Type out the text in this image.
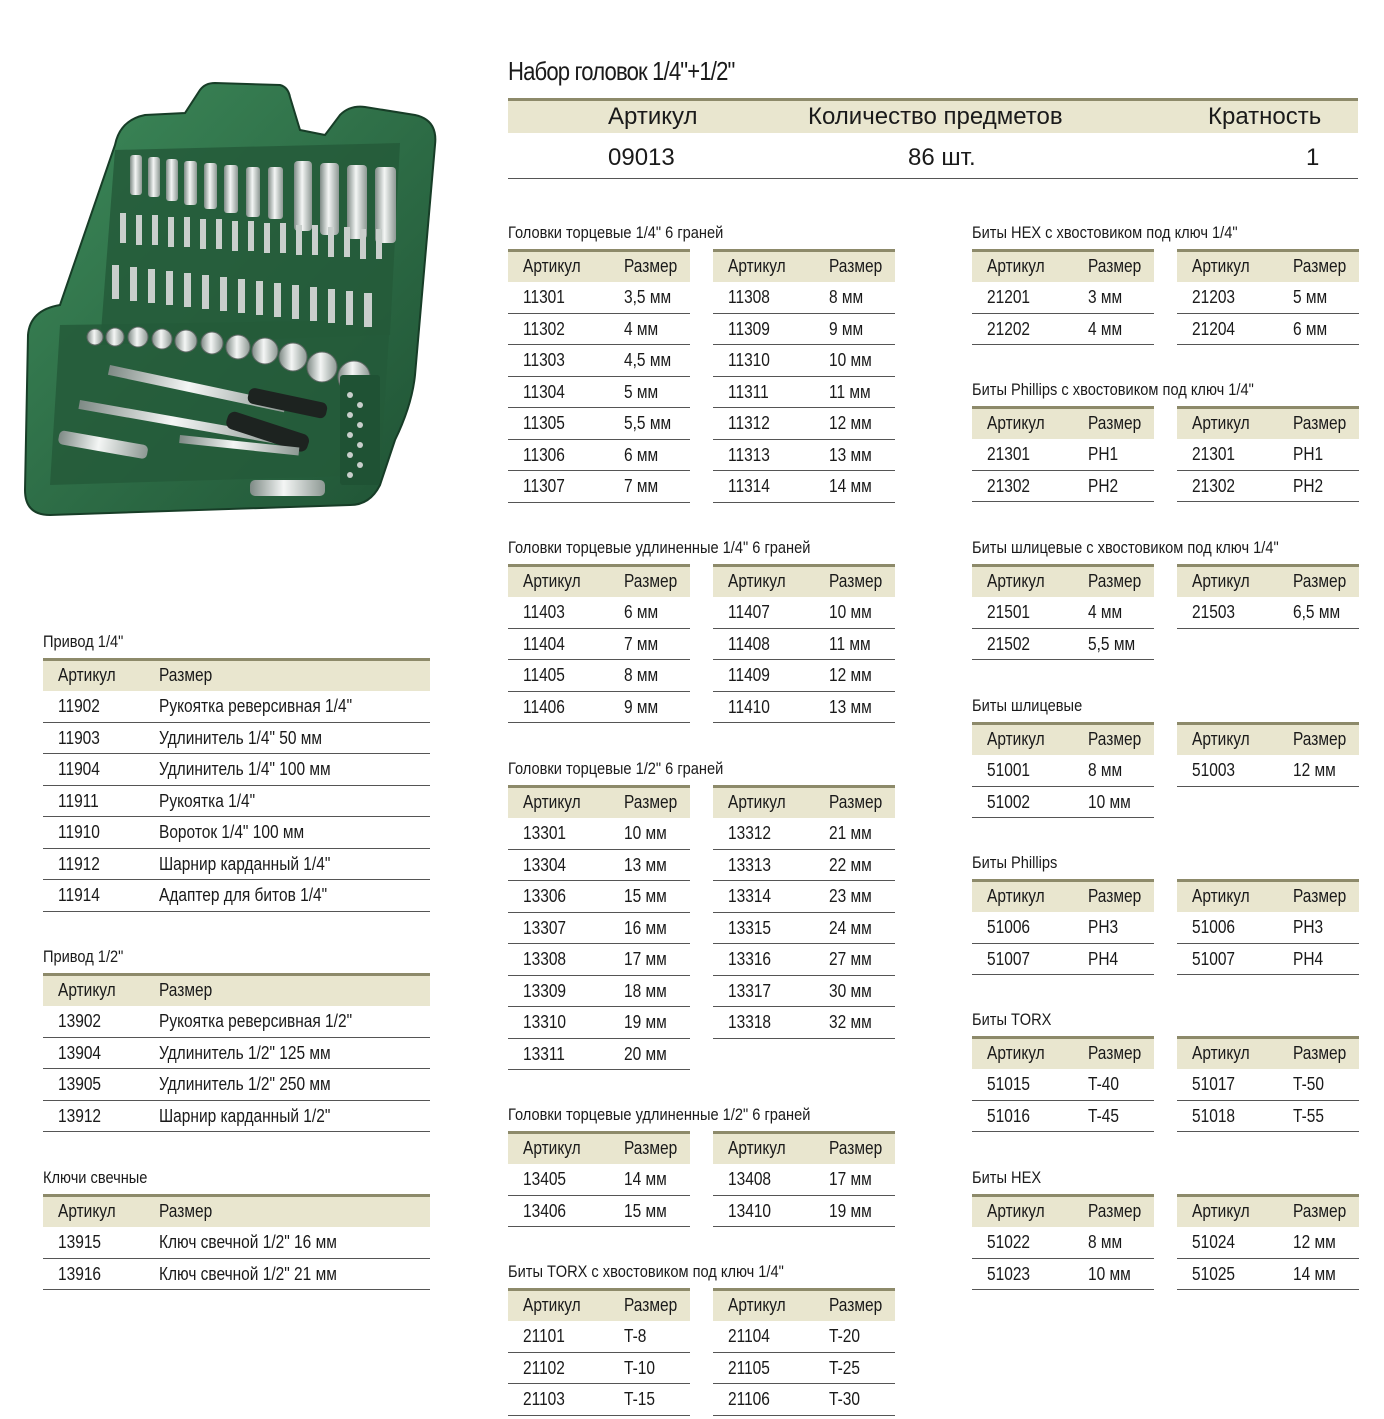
Набор головок 1/4"+1/2"
Артикул	Количество предметов	Кратность
09013	86 шт.	1
Привод 1/4"
Артикул Размер
11902	Рукоятка реверсивная 1/4"
11903	Удлинитель 1/4" 50 мм
11904	Удлинитель 1/4" 100 мм
11911	Рукоятка 1/4"
11910	Вороток 1/4" 100 мм
11912	Шарнир карданный 1/4"
11914	Адаптер для битов 1/4"
Привод 1/2"
Артикул Размер
13902	Рукоятка реверсивная 1/2"
13904	Удлинитель 1/2" 125 мм
13905	Удлинитель 1/2" 250 мм
13912	Шарнир карданный 1/2"
Ключи свечные
Артикул Размер
13915	Ключ свечной 1/2" 16 мм
13916	Ключ свечной 1/2" 21 мм
Головки торцевые 1/4" 6 граней
Артикул Размер
11301	3,5 мм
11302	4 мм
11303	4,5 мм
11304	5 мм
11305	5,5 мм
11306	6 мм
11307	7 мм
Артикул Размер
11308	8 мм
11309	9 мм
11310	10 мм
11311	11 мм
11312	12 мм
11313	13 мм
11314	14 мм
Головки торцевые удлиненные 1/4" 6 граней
Артикул Размер
11403	6 мм
11404	7 мм
11405	8 мм
11406	9 мм
Артикул Размер
11407	10 мм
11408	11 мм
11409	12 мм
11410	13 мм
Головки торцевые 1/2" 6 граней
Артикул Размер
13301	10 мм
13304	13 мм
13306	15 мм
13307	16 мм
13308	17 мм
13309	18 мм
13310	19 мм
13311	20 мм
Артикул Размер
13312	21 мм
13313	22 мм
13314	23 мм
13315	24 мм
13316	27 мм
13317	30 мм
13318	32 мм
Головки торцевые удлиненные 1/2" 6 граней
Артикул Размер
13405	14 мм
13406	15 мм
Артикул Размер
13408	17 мм
13410	19 мм
Биты TORX с хвостовиком под ключ 1/4"
Артикул Размер
21101	T-8
21102	T-10
21103	T-15
Артикул Размер
21104	T-20
21105	T-25
21106	T-30
Биты HEX с хвостовиком под ключ 1/4"
Артикул Размер
21201	3 мм
21202	4 мм
Артикул Размер
21203	5 мм
21204	6 мм
Биты Phillips с хвостовиком под ключ 1/4"
Артикул Размер
21301	PH1
21302	PH2
Артикул Размер
21301	PH1
21302	PH2
Биты шлицевые с хвостовиком под ключ 1/4"
Артикул Размер
21501	4 мм
21502	5,5 мм
Артикул Размер
21503	6,5 мм
Биты шлицевые
Артикул Размер
51001	8 мм
51002	10 мм
Артикул Размер
51003	12 мм
Биты Phillips
Артикул Размер
51006	PH3
51007	PH4
Артикул Размер
51006	PH3
51007	PH4
Биты TORX
Артикул Размер
51015	T-40
51016	T-45
Артикул Размер
51017	T-50
51018	T-55
Биты HEX
Артикул Размер
51022	8 мм
51023	10 мм
Артикул Размер
51024	12 мм
51025	14 мм
